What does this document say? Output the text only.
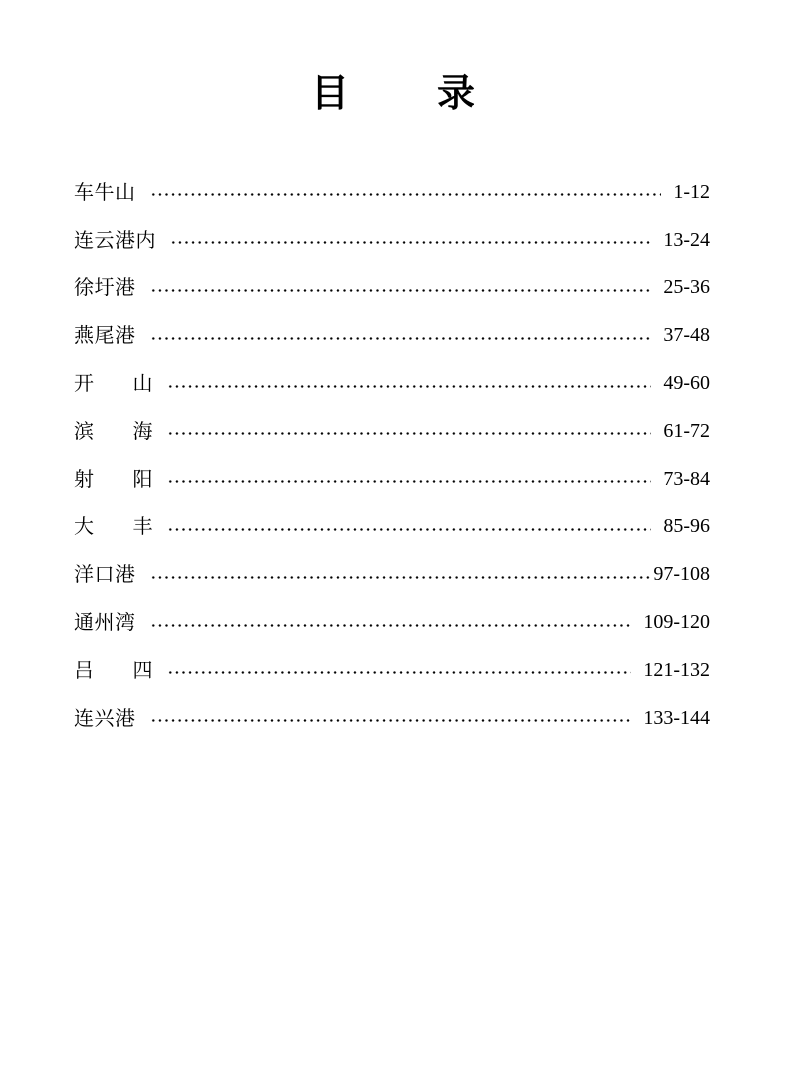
目 录
车牛山	1-12
连云港内	13-24
徐圩港	25-36
燕尾港	37-48
开 山	49-60
滨 海	61-72
射 阳	73-84
大 丰	85-96
洋口港	97-108
通州湾	109-120
吕 四	121-132
连兴港	133-144
